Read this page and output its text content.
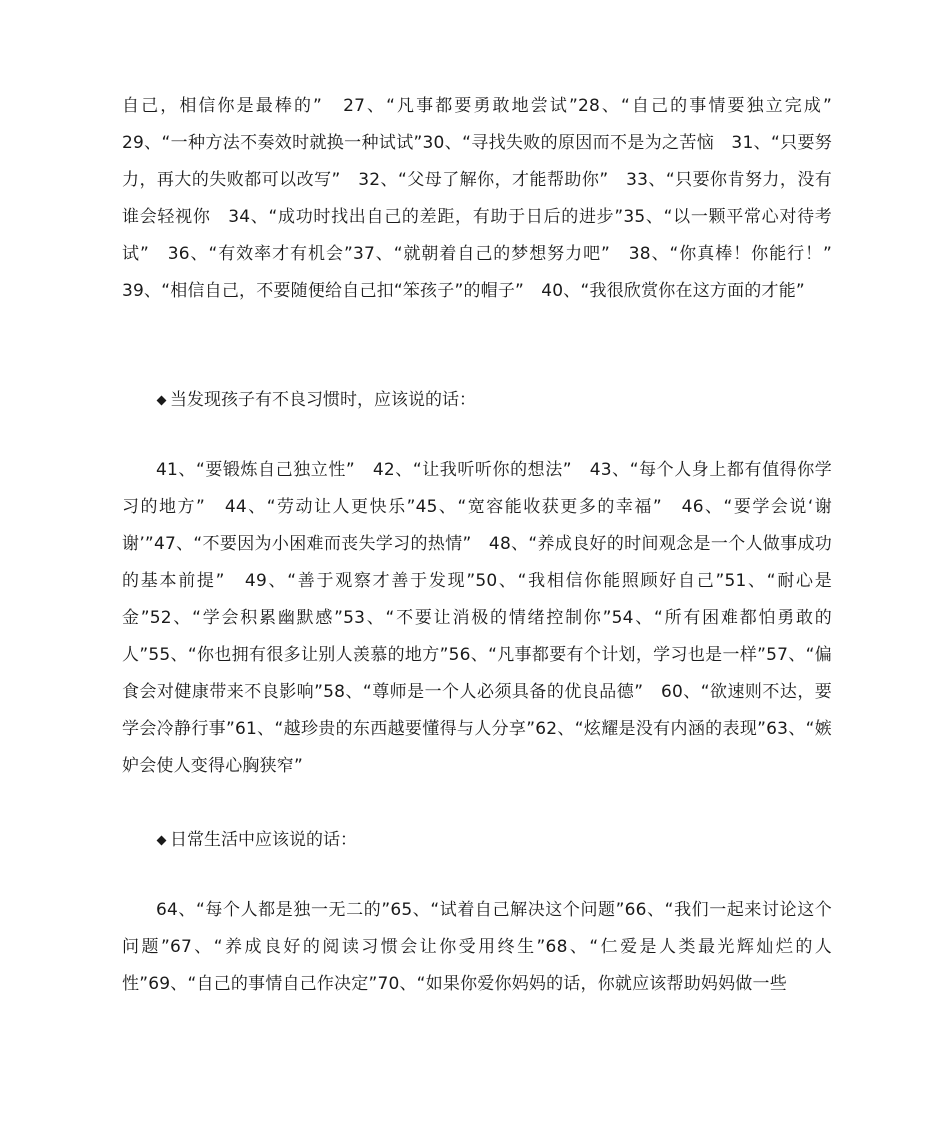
自己，相信你是最棒的”　27、“凡事都要勇敢地尝试”28、“自己的事情要独立完成”　29、“一种方法不奏效时就换一种试试”30、“寻找失败的原因而不是为之苦恼　31、“只要努力，再大的失败都可以改写”　32、“父母了解你，才能帮助你”　33、“只要你肯努力，没有谁会轻视你　34、“成功时找出自己的差距，有助于日后的进步”35、“以一颗平常心对待考试”　36、“有效率才有机会”37、“就朝着自己的梦想努力吧”　38、“你真棒！你能行！”　39、“相信自己，不要随便给自己扣“笨孩子”的帽子”　40、“我很欣赏你在这方面的才能”

当发现孩子有不良习惯时，应该说的话：

41、“要锻炼自己独立性”　42、“让我听听你的想法”　43、“每个人身上都有值得你学习的地方”　44、“劳动让人更快乐”45、“宽容能收获更多的幸福”　46、“要学会说‘谢谢’”47、“不要因为小困难而丧失学习的热情”　48、“养成良好的时间观念是一个人做事成功的基本前提”　49、“善于观察才善于发现”50、“我相信你能照顾好自己”51、“耐心是金”52、“学会积累幽默感”53、“不要让消极的情绪控制你”54、“所有困难都怕勇敢的人”55、“你也拥有很多让别人羡慕的地方”56、“凡事都要有个计划，学习也是一样”57、“偏食会对健康带来不良影响”58、“尊师是一个人必须具备的优良品德”　60、“欲速则不达，要学会冷静行事”61、“越珍贵的东西越要懂得与人分享”62、“炫耀是没有内涵的表现”63、“嫉妒会使人变得心胸狭窄”

日常生活中应该说的话：

64、“每个人都是独一无二的”65、“试着自己解决这个问题”66、“我们一起来讨论这个问题”67、“养成良好的阅读习惯会让你受用终生”68、“仁爱是人类最光辉灿烂的人性”69、“自己的事情自己作决定”70、“如果你爱你妈妈的话，你就应该帮助妈妈做一些
